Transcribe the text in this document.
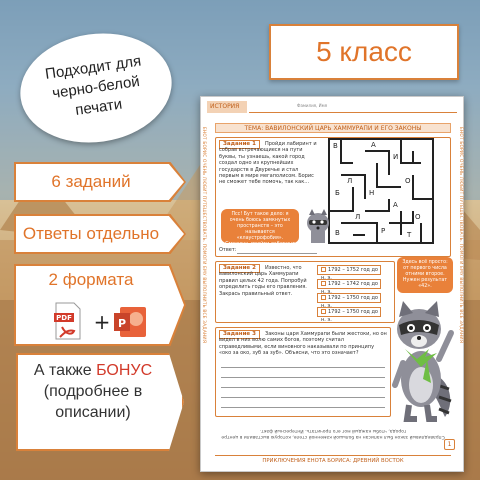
Подходит для черно-белой печати
5 класс
6 заданий
Ответы отдельно
2 формата
PDF + P
А также БОНУС
(подробнее в описании)
ИСТОРИЯ	Фамилия, Имя
ЕНОТ БОРИС ОЧЕНЬ ЛЮБИТ ПУТЕШЕСТВОВАТЬ. ПОМОГИ ЕМУ ВЫПОЛНИТЬ ВСЕ ЗАДАНИЯ	ЕНОТ БОРИС ОЧЕНЬ ЛЮБИТ ПУТЕШЕСТВОВАТЬ. ПОМОГИ ЕМУ ВЫПОЛНИТЬ ВСЕ ЗАДАНИЯ
ТЕМА: ВАВИЛОНСКИЙ ЦАРЬ ХАММУРАПИ И ЕГО ЗАКОНЫ
Задание 1	Пройди лабиринт и собрав встречающиеся на пути буквы, ты узнаешь, какой город создал одно из крупнейших государств в Двуречье и стал первым в мире мегаполисом. Борис не сможет тебе помочь, так как...
Псс! Бут такое дело: я очень боюсь замкнутых пространств – это называется «клаустрофобия». Сможешь пройти лабиринт без меня?
Ответ:
В	А
И
Л	О
Н
Б
А
Л	О
Р
В	Т
Задание 2	Известно, что вавилонский царь Хаммурапи правил целых 42 года. Попробуй определить годы его правления. Закрась правильный ответ.
1792 – 1752 год до н. э.
1792 – 1742 год до н. э.
1792 – 1750 год до н. э.
1792 – 1750 год до н. э.
Здесь всё просто: от первого числа отними второе. Нужен результат «42».
Задание 3	Законы царя Хаммурапи были жестоки, но он видел в них волю самих богов, поэтому считал справедливыми, если виновного наказывали по принципу «око за око, зуб за зуб». Объясни, что это означает?
Справедливый закон был написан на большой каменной стеле, которую выставили в центре города, чтобы каждый мог его прочитать. Интересный факт.
1
ПРИКЛЮЧЕНИЯ ЕНОТА БОРИСА: ДРЕВНИЙ ВОСТОК
